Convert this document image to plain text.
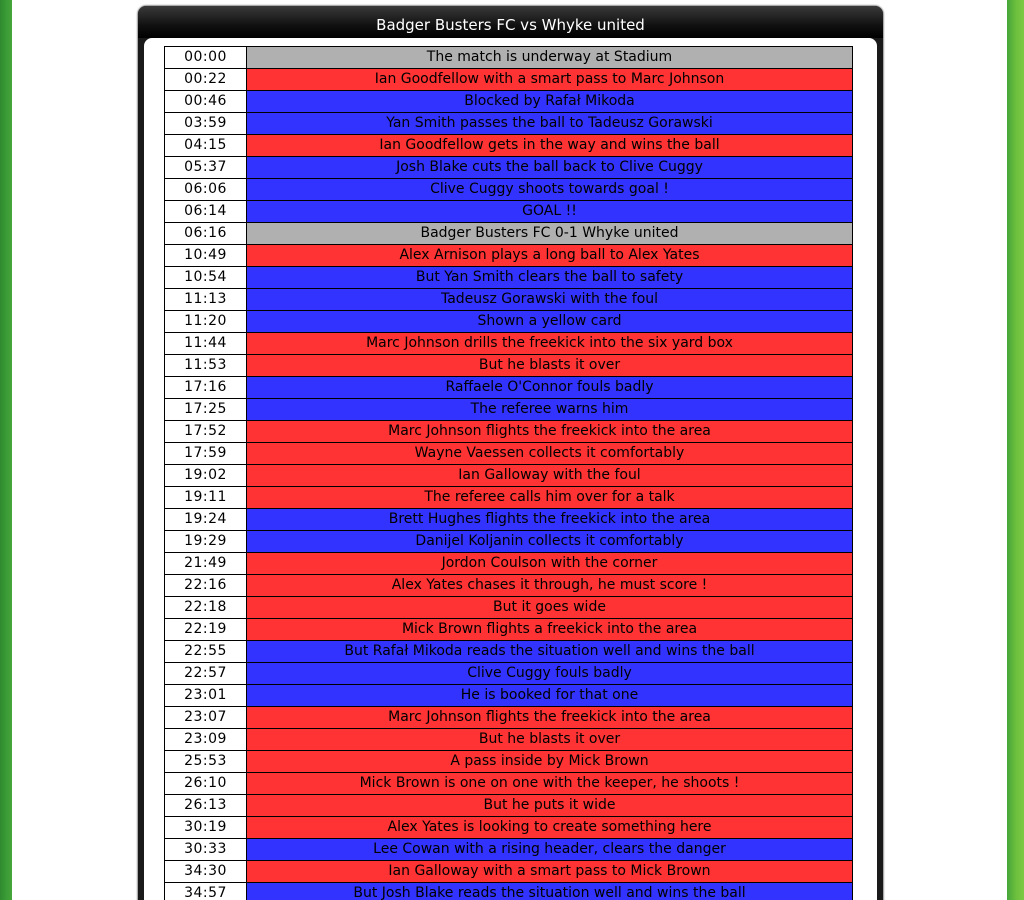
Badger Busters FC vs Whyke united
00:00	The match is underway at Stadium
00:22	Ian Goodfellow with a smart pass to Marc Johnson
00:46	Blocked by Rafał Mikoda
03:59	Yan Smith passes the ball to Tadeusz Gorawski
04:15	Ian Goodfellow gets in the way and wins the ball
05:37	Josh Blake cuts the ball back to Clive Cuggy
06:06	Clive Cuggy shoots towards goal !
06:14	GOAL !!
06:16	Badger Busters FC 0-1 Whyke united
10:49	Alex Arnison plays a long ball to Alex Yates
10:54	But Yan Smith clears the ball to safety
11:13	Tadeusz Gorawski with the foul
11:20	Shown a yellow card
11:44	Marc Johnson drills the freekick into the six yard box
11:53	But he blasts it over
17:16	Raffaele O'Connor fouls badly
17:25	The referee warns him
17:52	Marc Johnson flights the freekick into the area
17:59	Wayne Vaessen collects it comfortably
19:02	Ian Galloway with the foul
19:11	The referee calls him over for a talk
19:24	Brett Hughes flights the freekick into the area
19:29	Danijel Koljanin collects it comfortably
21:49	Jordon Coulson with the corner
22:16	Alex Yates chases it through, he must score !
22:18	But it goes wide
22:19	Mick Brown flights a freekick into the area
22:55	But Rafał Mikoda reads the situation well and wins the ball
22:57	Clive Cuggy fouls badly
23:01	He is booked for that one
23:07	Marc Johnson flights the freekick into the area
23:09	But he blasts it over
25:53	A pass inside by Mick Brown
26:10	Mick Brown is one on one with the keeper, he shoots !
26:13	But he puts it wide
30:19	Alex Yates is looking to create something here
30:33	Lee Cowan with a rising header, clears the danger
34:30	Ian Galloway with a smart pass to Mick Brown
34:57	But Josh Blake reads the situation well and wins the ball
